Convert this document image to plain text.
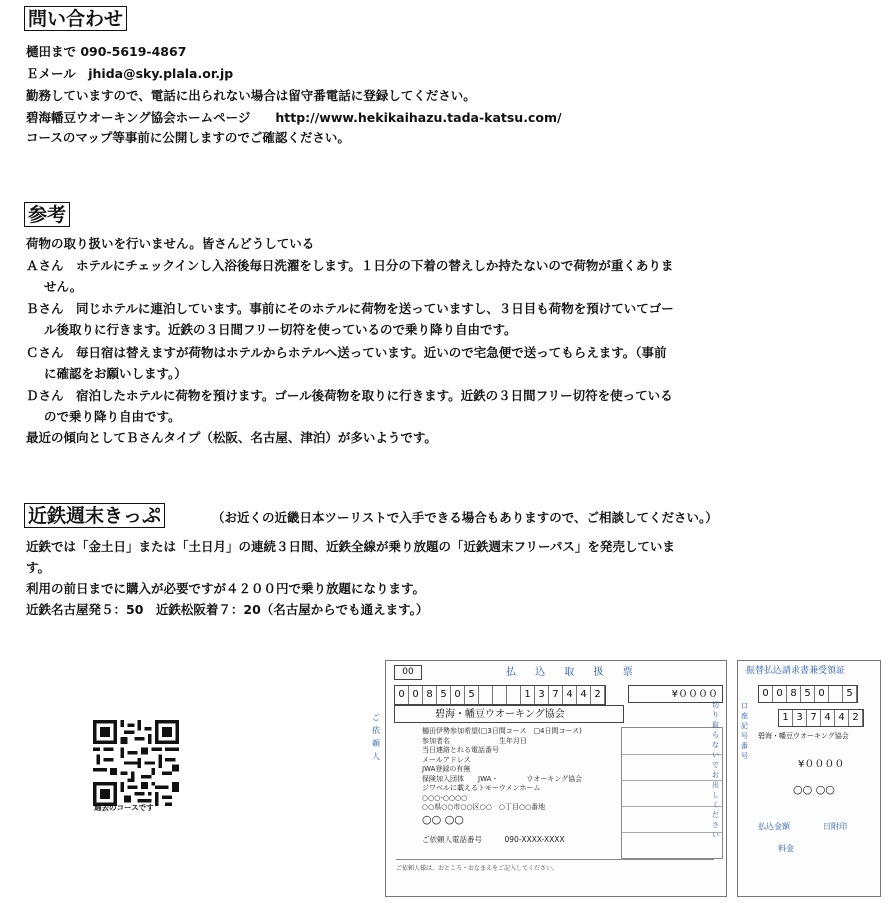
問い合わせ
樋田まで 090-5619-4867
Ｅメール　jhida@sky.plala.or.jp
勤務していますので、電話に出られない場合は留守番電話に登録してください。
碧海幡豆ウオーキング協会ホームページ　　http://www.hekikaihazu.tada-katsu.com/
コースのマップ等事前に公開しますのでご確認ください。
参考
荷物の取り扱いを行いません。皆さんどうしている
Ａさん　ホテルにチェックインし入浴後毎日洗濯をします。１日分の下着の替えしか持たないので荷物が重くありま
せん。
Ｂさん　同じホテルに連泊しています。事前にそのホテルに荷物を送っていますし、３日目も荷物を預けていてゴー
ル後取りに行きます。近鉄の３日間フリー切符を使っているので乗り降り自由です。
Ｃさん　毎日宿は替えますが荷物はホテルからホテルへ送っています。近いので宅急便で送ってもらえます。（事前
に確認をお願いします。）
Ｄさん　宿泊したホテルに荷物を預けます。ゴール後荷物を取りに行きます。近鉄の３日間フリー切符を使っている
ので乗り降り自由です。
最近の傾向としてＢさんタイプ（松阪、名古屋、津泊）が多いようです。
近鉄週末きっぷ	（お近くの近畿日本ツーリストで入手できる場合もありますので、ご相談してください。）
近鉄では「金土日」または「土日月」の連続３日間、近鉄全線が乗り放題の「近鉄週末フリーパス」を発売していま
す。
利用の前日までに購入が必要ですが４２００円で乗り放題になります。
近鉄名古屋発５：50　近鉄松阪着７：20（名古屋からでも通えます。）
過去のコースです
00	払 込 取 扱 票
0 0 8 5 0 5	1 3 7 4 4 2	¥００００
碧海・幡豆ウオーキング協会
ご依頼人
樋田伊勢参加希望(□3日間コース　□4日間コース)
参加者名　　　　　　　生年月日
当日連絡とれる電話番号
メールアドレス
JWA登録の有無
保険加入団体　　JWA・　　　　ウオーキング協会
ジワベルに載えるトモーウメンホーム
○○○-○○○○
○○県○○市○○区○○　○丁目○○番地
○○ ○○
ご依頼人電話番号　　　090-XXXX-XXXX
ご依頼人様は、おところ・おなまえをご記入してください。
切り取らないでお出しください
振替払込請求書兼受領証
口座記号番号
0 0 8 5 0	5
1 3 7 4 4 2
碧海・幡豆ウオーキング協会
¥００００
○○ ○○
払込金額	日附印
料金
